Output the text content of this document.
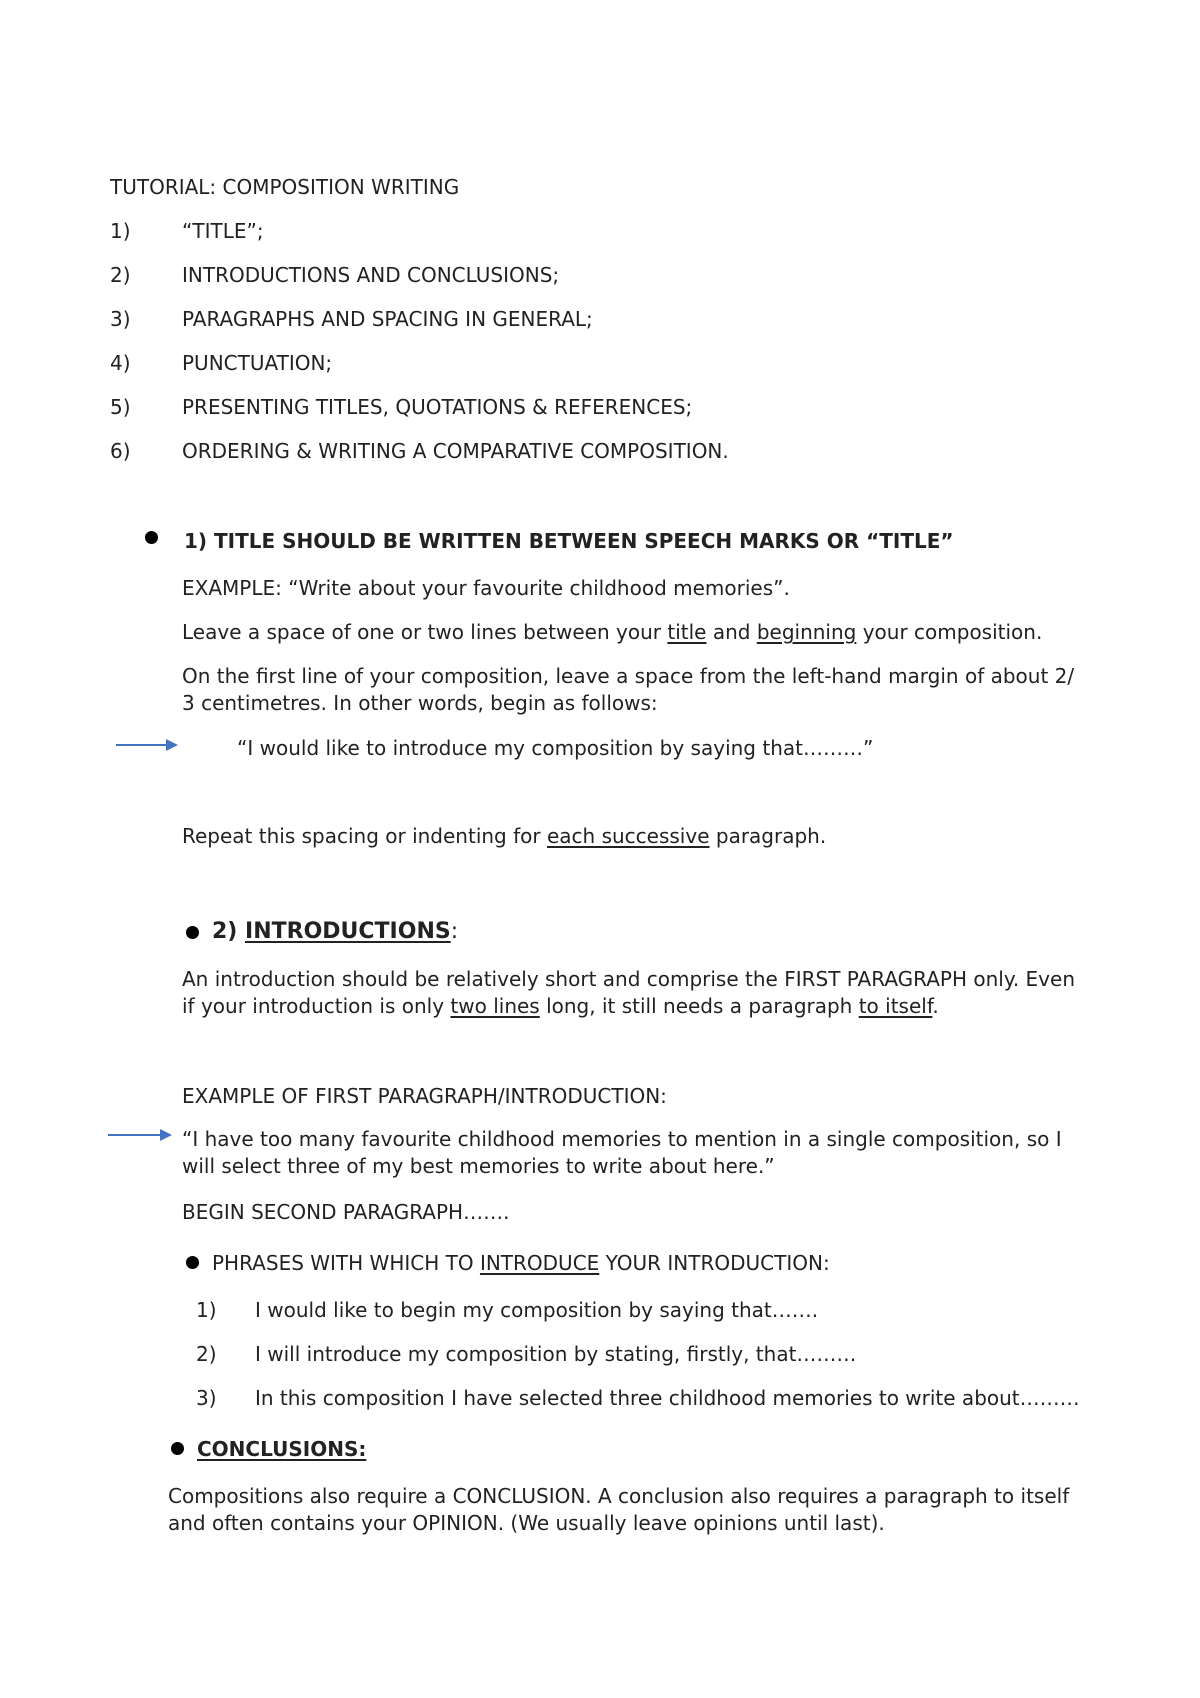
TUTORIAL: COMPOSITION WRITING
1)	“TITLE”;
2)	INTRODUCTIONS AND CONCLUSIONS;
3)	PARAGRAPHS AND SPACING IN GENERAL;
4)	PUNCTUATION;
5)	PRESENTING TITLES, QUOTATIONS & REFERENCES;
6)	ORDERING & WRITING A COMPARATIVE COMPOSITION.
1) TITLE SHOULD BE WRITTEN BETWEEN SPEECH MARKS OR “TITLE”
EXAMPLE: “Write about your favourite childhood memories”.
Leave a space of one or two lines between your title and beginning your composition.
On the first line of your composition, leave a space from the left-hand margin of about 2/ 3 centimetres. In other words, begin as follows:
“I would like to introduce my composition by saying that………”
Repeat this spacing or indenting for each successive paragraph.
2) INTRODUCTIONS:
An introduction should be relatively short and comprise the FIRST PARAGRAPH only. Even if your introduction is only two lines long, it still needs a paragraph to itself.
EXAMPLE OF FIRST PARAGRAPH/INTRODUCTION:
“I have too many favourite childhood memories to mention in a single composition, so I will select three of my best memories to write about here.”
BEGIN SECOND PARAGRAPH…….
PHRASES WITH WHICH TO INTRODUCE YOUR INTRODUCTION:
1) I would like to begin my composition by saying that…….
2) I will introduce my composition by stating, firstly, that………
3) In this composition I have selected three childhood memories to write about………
CONCLUSIONS:
Compositions also require a CONCLUSION. A conclusion also requires a paragraph to itself and often contains your OPINION. (We usually leave opinions until last).
